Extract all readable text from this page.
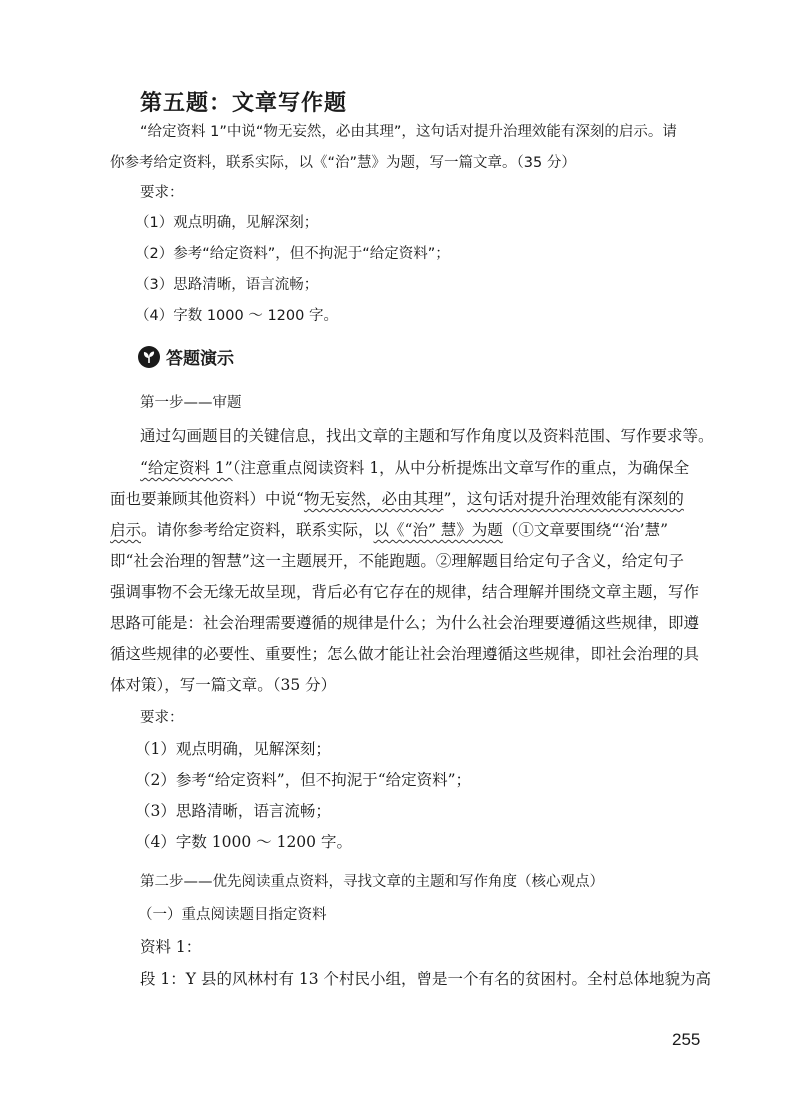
第五题：文章写作题
“给定资料 1”中说“物无妄然，必由其理”，这句话对提升治理效能有深刻的启示。请
你参考给定资料，联系实际，以《“治”慧》为题，写一篇文章。（35 分）
要求：
（1）观点明确，见解深刻；
（2）参考“给定资料”，但不拘泥于“给定资料”；
（3）思路清晰，语言流畅；
（4）字数 1000 ～ 1200 字。
答题演示
第一步——审题
通过勾画题目的关键信息，找出文章的主题和写作角度以及资料范围、写作要求等。
“给定资料 1”（注意重点阅读资料 1，从中分析提炼出文章写作的重点，为确保全
面也要兼顾其他资料）中说“物无妄然，必由其理”，这句话对提升治理效能有深刻的
启示。请你参考给定资料，联系实际，以《“治” 慧》为题（①文章要围绕“‘治’慧”
即“社会治理的智慧”这一主题展开，不能跑题。②理解题目给定句子含义，给定句子
强调事物不会无缘无故呈现，背后必有它存在的规律，结合理解并围绕文章主题，写作
思路可能是：社会治理需要遵循的规律是什么；为什么社会治理要遵循这些规律，即遵
循这些规律的必要性、重要性；怎么做才能让社会治理遵循这些规律，即社会治理的具
体对策），写一篇文章。（35 分）
要求：
（1）观点明确，见解深刻；
（2）参考“给定资料”，但不拘泥于“给定资料”；
（3）思路清晰，语言流畅；
（4）字数 1000 ～ 1200 字。
第二步——优先阅读重点资料，寻找文章的主题和写作角度（核心观点）
（一）重点阅读题目指定资料
资料 1：
段 1：Y 县的风林村有 13 个村民小组，曾是一个有名的贫困村。全村总体地貌为高
255
